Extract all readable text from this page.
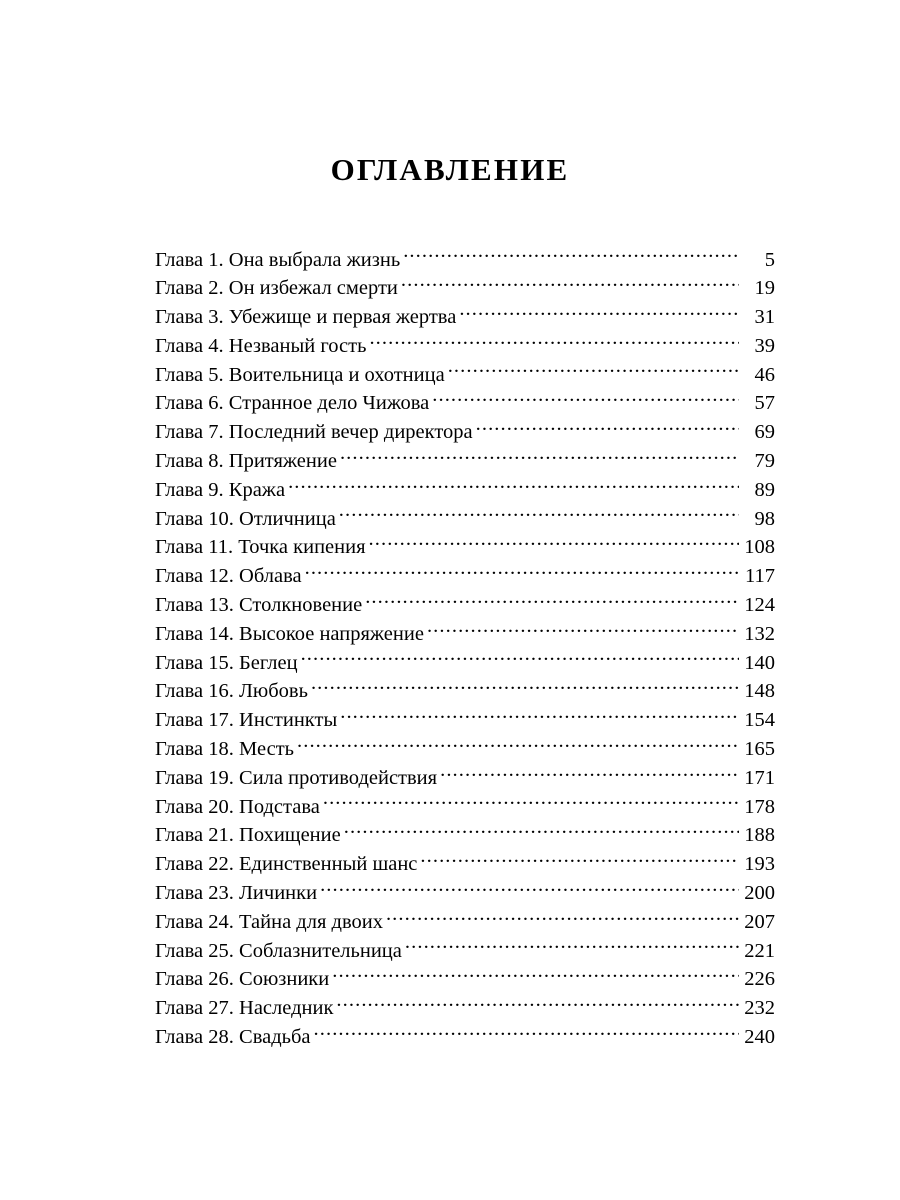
ОГЛАВЛЕНИЕ
Глава 1. Она выбрала жизнь .....	5
Глава 2. Он избежал смерти .....	19
Глава 3. Убежище и первая жертва .....	31
Глава 4. Незваный гость .....	39
Глава 5. Воительница и охотница .....	46
Глава 6. Странное дело Чижова .....	57
Глава 7. Последний вечер директора .....	69
Глава 8. Притяжение .....	79
Глава 9. Кража .....	89
Глава 10. Отличница .....	98
Глава 11. Точка кипения .....	108
Глава 12. Облава .....	117
Глава 13. Столкновение .....	124
Глава 14. Высокое напряжение .....	132
Глава 15. Беглец .....	140
Глава 16. Любовь .....	148
Глава 17. Инстинкты .....	154
Глава 18. Месть .....	165
Глава 19. Сила противодействия .....	171
Глава 20. Подстава .....	178
Глава 21. Похищение .....	188
Глава 22. Единственный шанс .....	193
Глава 23. Личинки .....	200
Глава 24. Тайна для двоих .....	207
Глава 25. Соблазнительница .....	221
Глава 26. Союзники .....	226
Глава 27. Наследник .....	232
Глава 28. Свадьба .....	240
